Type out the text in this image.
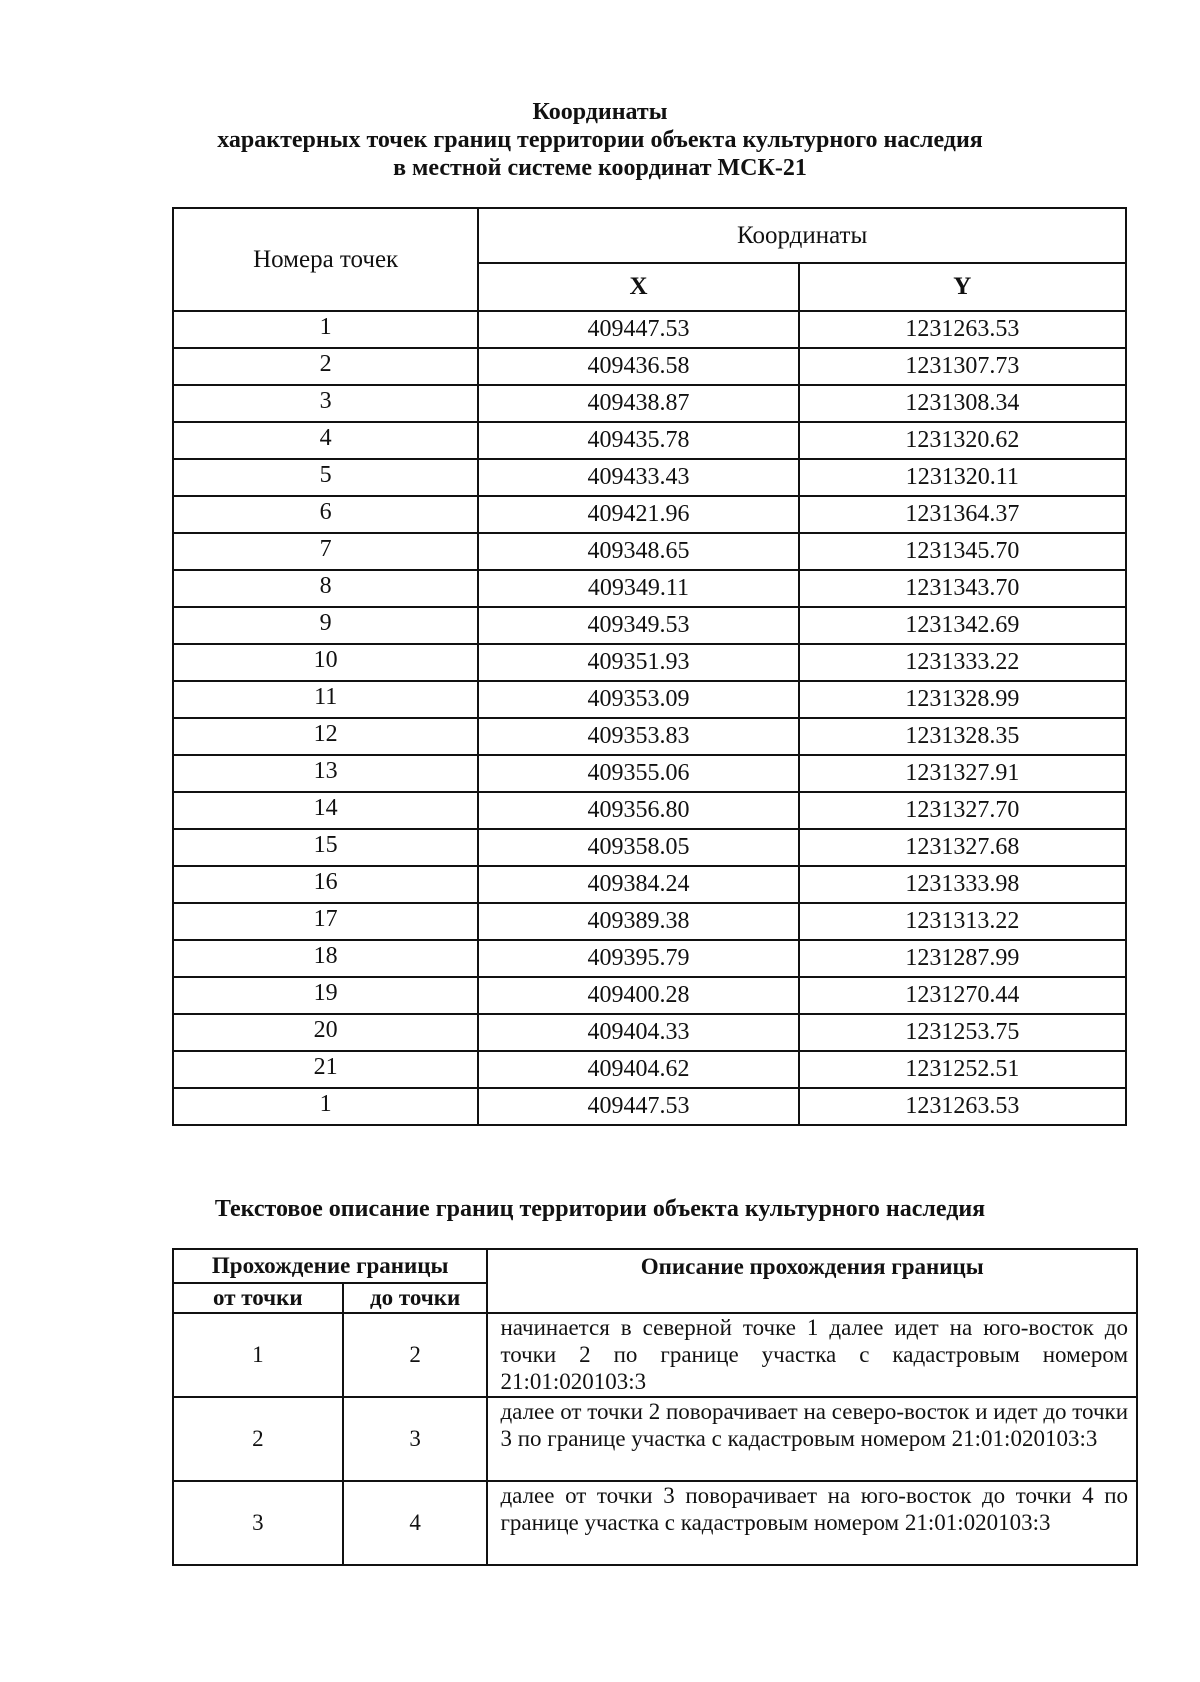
Координаты
характерных точек границ территории объекта культурного наследия
в местной системе координат МСК-21
Номера точек	Координаты	
	X	Y
1	409447.53	1231263.53
2	409436.58	1231307.73
3	409438.87	1231308.34
4	409435.78	1231320.62
5	409433.43	1231320.11
6	409421.96	1231364.37
7	409348.65	1231345.70
8	409349.11	1231343.70
9	409349.53	1231342.69
10	409351.93	1231333.22
11	409353.09	1231328.99
12	409353.83	1231328.35
13	409355.06	1231327.91
14	409356.80	1231327.70
15	409358.05	1231327.68
16	409384.24	1231333.98
17	409389.38	1231313.22
18	409395.79	1231287.99
19	409400.28	1231270.44
20	409404.33	1231253.75
21	409404.62	1231252.51
1	409447.53	1231263.53
Текстовое описание границ территории объекта культурного наследия
Прохождение границы		Описание прохождения границы
от точки	до точки	
1	2	начинается в северной точке 1 далее идет на юго-восток до точки 2 по границе участка с кадастровым номером 21:01:020103:3
2	3	далее от точки 2 поворачивает на северо-восток и идет до точки 3 по границе участка с кадастровым номером 21:01:020103:3
3	4	далее от точки 3 поворачивает на юго-восток до точки 4 по границе участка с кадастровым номером 21:01:020103:3
